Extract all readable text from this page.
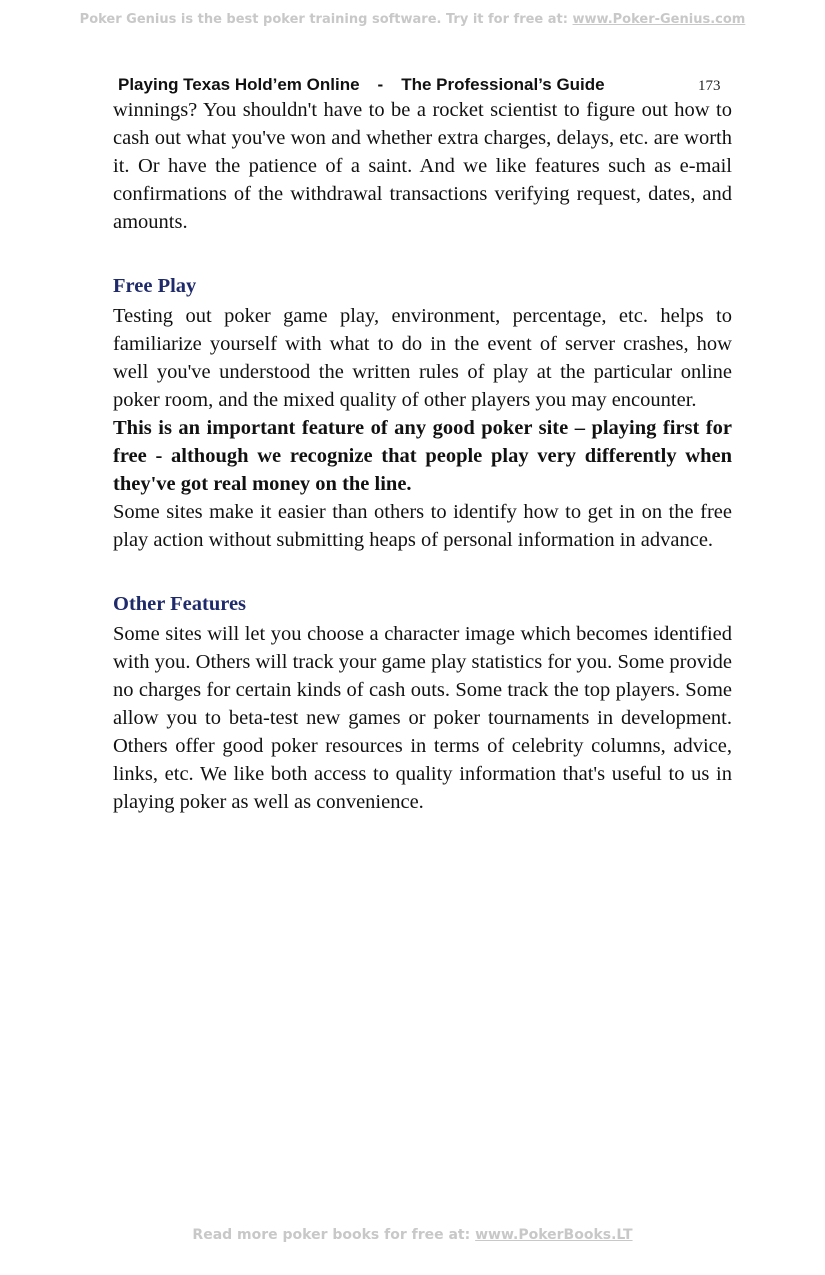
Poker Genius is the best poker training software. Try it for free at: www.Poker-Genius.com
Playing Texas Hold’em Online - The Professional’s Guide	173

winnings? You shouldn't have to be a rocket scientist to figure out how to cash out what you've won and whether extra charges, delays, etc. are worth it. Or have the patience of a saint. And we like features such as e-mail confirmations of the withdrawal transactions verifying request, dates, and amounts.

Free Play

Testing out poker game play, environment, percentage, etc. helps to familiarize yourself with what to do in the event of server crashes, how well you've understood the written rules of play at the particular online poker room, and the mixed quality of other players you may encounter.

This is an important feature of any good poker site – playing first for free - although we recognize that people play very differently when they've got real money on the line.

Some sites make it easier than others to identify how to get in on the free play action without submitting heaps of personal information in advance.

Other Features

Some sites will let you choose a character image which becomes identified with you. Others will track your game play statistics for you. Some provide no charges for certain kinds of cash outs. Some track the top players. Some allow you to beta-test new games or poker tournaments in development. Others offer good poker resources in terms of celebrity columns, advice, links, etc. We like both access to quality information that's useful to us in playing poker as well as convenience.

Read more poker books for free at: www.PokerBooks.LT
